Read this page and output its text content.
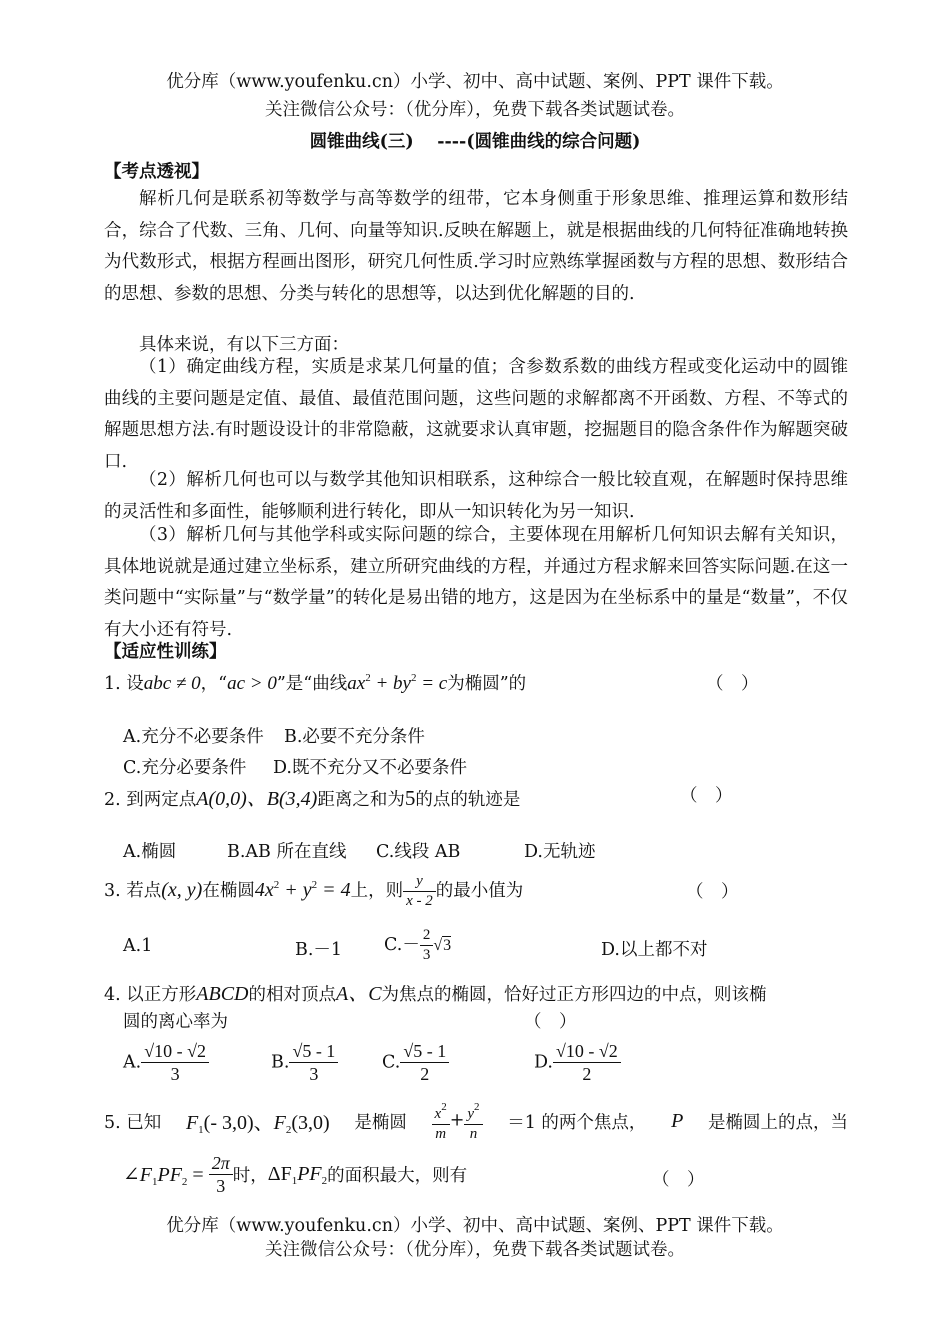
优分库（www.youfenku.cn）小学、初中、高中试题、案例、PPT 课件下载。
关注微信公众号：（优分库），免费下载各类试题试卷。
圆锥曲线(三)　 ----(圆锥曲线的综合问题)
【考点透视】
解析几何是联系初等数学与高等数学的纽带，它本身侧重于形象思维、推理运算和数形结合，综合了代数、三角、几何、向量等知识.反映在解题上，就是根据曲线的几何特征准确地转换为代数形式，根据方程画出图形，研究几何性质.学习时应熟练掌握函数与方程的思想、数形结合的思想、参数的思想、分类与转化的思想等，以达到优化解题的目的.
具体来说，有以下三方面：
（1）确定曲线方程，实质是求某几何量的值；含参数系数的曲线方程或变化运动中的圆锥曲线的主要问题是定值、最值、最值范围问题，这些问题的求解都离不开函数、方程、不等式的解题思想方法.有时题设设计的非常隐蔽，这就要求认真审题，挖掘题目的隐含条件作为解题突破口.
（2）解析几何也可以与数学其他知识相联系，这种综合一般比较直观，在解题时保持思维的灵活性和多面性，能够顺利进行转化，即从一知识转化为另一知识.
（3）解析几何与其他学科或实际问题的综合，主要体现在用解析几何知识去解有关知识，具体地说就是通过建立坐标系，建立所研究曲线的方程，并通过方程求解来回答实际问题.在这一类问题中“实际量”与“数学量”的转化是易出错的地方，这是因为在坐标系中的量是“数量”，不仅有大小还有符号.
【适应性训练】
1. 设abc ≠ 0，“ac > 0”是“曲线$ax^2 + by^2 = c$为椭圆”的	（　）
A.充分不必要条件 B.必要不充分条件
C.充分必要条件 D.既不充分又不必要条件
2. 到两定点A(0,0)、B(3,4)距离之和为5的点的轨迹是	（　）
A.椭圆	B.AB 所在直线 C.线段 AB	D.无轨迹
3. 若点(x, y)在椭圆$4x^2 + y^2 = 4$上，则 $\frac{y}{x - 2}$ 的最小值为	（　）
A.1	B.－1 $C.- \frac{2}{3} √3$	D.以上都不对
4. 以正方形ABCD的相对顶点A、C为焦点的椭圆，恰好过正方形四边的中点，则该椭
圆的离心率为	（　）
A. $\frac{√10 - √2}{3}$	B. $\frac{√5 - 1}{3} C$. $\frac{√5 - 1}{2}$	D. $\frac{√10 - √2}{2}$
5. 已知 $F_1(-$ 3,0)、$F_2(3,0)$ 是椭圆 $\frac{x^2}{m} + \frac{y^2}{n} =1$ 的两个焦点， P 是椭圆上的点，当
$\angle F_1PF_2 = \frac{2\pi}{3}$ 时，$\Delta F_1PF_2$的面积最大，则有	（　）
优分库（www.youfenku.cn）小学、初中、高中试题、案例、PPT 课件下载。
关注微信公众号：（优分库），免费下载各类试题试卷。
